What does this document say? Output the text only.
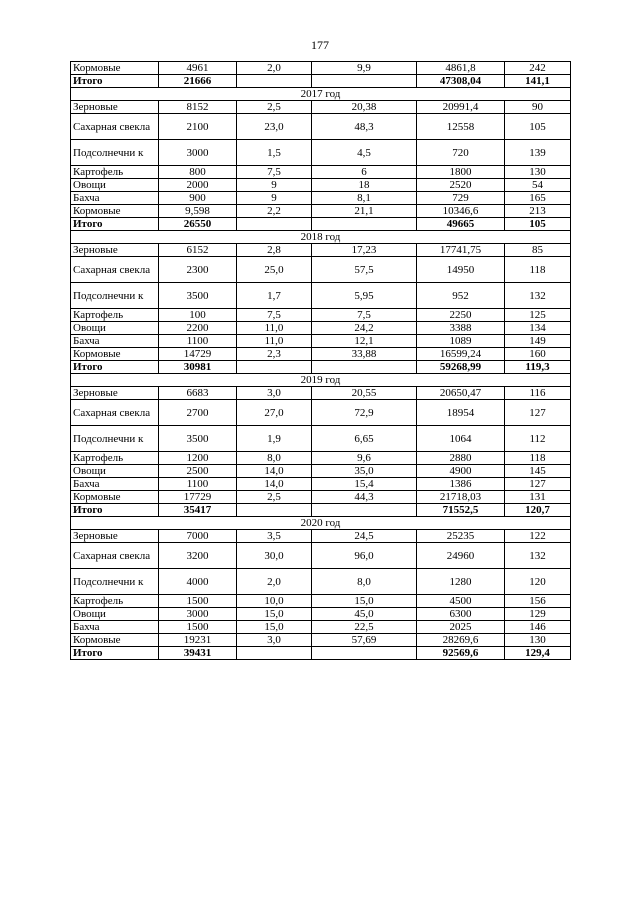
177
Кормовые	4961	2,0	9,9	4861,8	242
Итого	21666			47308,04	141,1
2017 год					
Зерновые	8152	2,5	20,38	20991,4	90
Сахарная свекла	2100	23,0	48,3	12558	105
Подсолнечни к	3000	1,5	4,5	720	139
Картофель	800	7,5	6	1800	130
Овощи	2000	9	18	2520	54
Бахча	900	9	8,1	729	165
Кормовые	9,598	2,2	21,1	10346,6	213
Итого	26550			49665	105
2018 год					
Зерновые	6152	2,8	17,23	17741,75	85
Сахарная свекла	2300	25,0	57,5	14950	118
Подсолнечни к	3500	1,7	5,95	952	132
Картофель	100	7,5	7,5	2250	125
Овощи	2200	11,0	24,2	3388	134
Бахча	1100	11,0	12,1	1089	149
Кормовые	14729	2,3	33,88	16599,24	160
Итого	30981			59268,99	119,3
2019 год					
Зерновые	6683	3,0	20,55	20650,47	116
Сахарная свекла	2700	27,0	72,9	18954	127
Подсолнечни к	3500	1,9	6,65	1064	112
Картофель	1200	8,0	9,6	2880	118
Овощи	2500	14,0	35,0	4900	145
Бахча	1100	14,0	15,4	1386	127
Кормовые	17729	2,5	44,3	21718,03	131
Итого	35417			71552,5	120,7
2020 год					
Зерновые	7000	3,5	24,5	25235	122
Сахарная свекла	3200	30,0	96,0	24960	132
Подсолнечни к	4000	2,0	8,0	1280	120
Картофель	1500	10,0	15,0	4500	156
Овощи	3000	15,0	45,0	6300	129
Бахча	1500	15,0	22,5	2025	146
Кормовые	19231	3,0	57,69	28269,6	130
Итого	39431			92569,6	129,4
